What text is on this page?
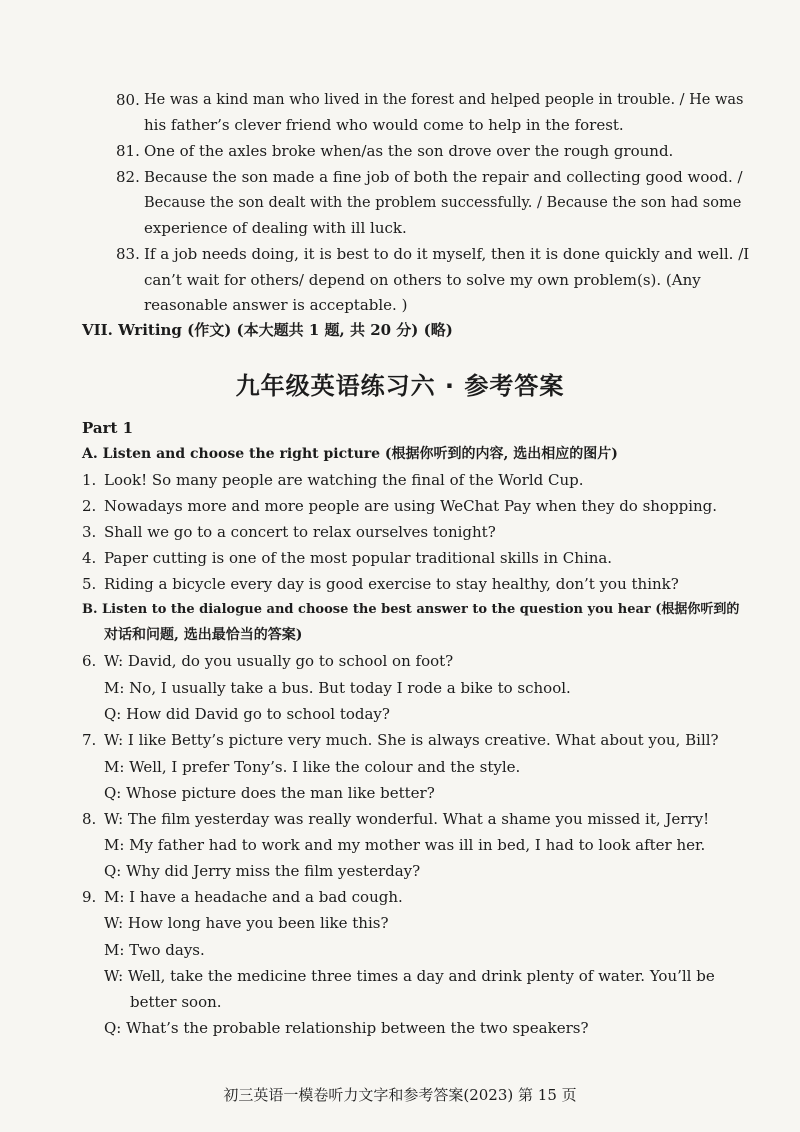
80. He was a kind man who lived in the forest and helped people in trouble. / He was
his father’s clever friend who would come to help in the forest.
81. One of the axles broke when/as the son drove over the rough ground.
82. Because the son made a fine job of both the repair and collecting good wood. /
Because the son dealt with the problem successfully. / Because the son had some
experience of dealing with ill luck.
83. If a job needs doing, it is best to do it myself, then it is done quickly and well. /I
can’t wait for others/ depend on others to solve my own problem(s). (Any
reasonable answer is acceptable. )
VII. Writing (作文) (本大题共 1 题, 共 20 分) (略)
九年级英语练习六 · 参考答案
Part 1
A. Listen and choose the right picture (根据你听到的内容, 选出相应的图片)
1. Look! So many people are watching the final of the World Cup.
2. Nowadays more and more people are using WeChat Pay when they do shopping.
3. Shall we go to a concert to relax ourselves tonight?
4. Paper cutting is one of the most popular traditional skills in China.
5. Riding a bicycle every day is good exercise to stay healthy, don’t you think?
B. Listen to the dialogue and choose the best answer to the question you hear (根据你听到的
对话和问题, 选出最恰当的答案)
6. W: David, do you usually go to school on foot?
M: No, I usually take a bus. But today I rode a bike to school.
Q: How did David go to school today?
7. W: I like Betty’s picture very much. She is always creative. What about you, Bill?
M: Well, I prefer Tony’s. I like the colour and the style.
Q: Whose picture does the man like better?
8. W: The film yesterday was really wonderful. What a shame you missed it, Jerry!
M: My father had to work and my mother was ill in bed, I had to look after her.
Q: Why did Jerry miss the film yesterday?
9. M: I have a headache and a bad cough.
W: How long have you been like this?
M: Two days.
W: Well, take the medicine three times a day and drink plenty of water. You’ll be
better soon.
Q: What’s the probable relationship between the two speakers?
初三英语一模卷听力文字和参考答案(2023) 第 15 页
